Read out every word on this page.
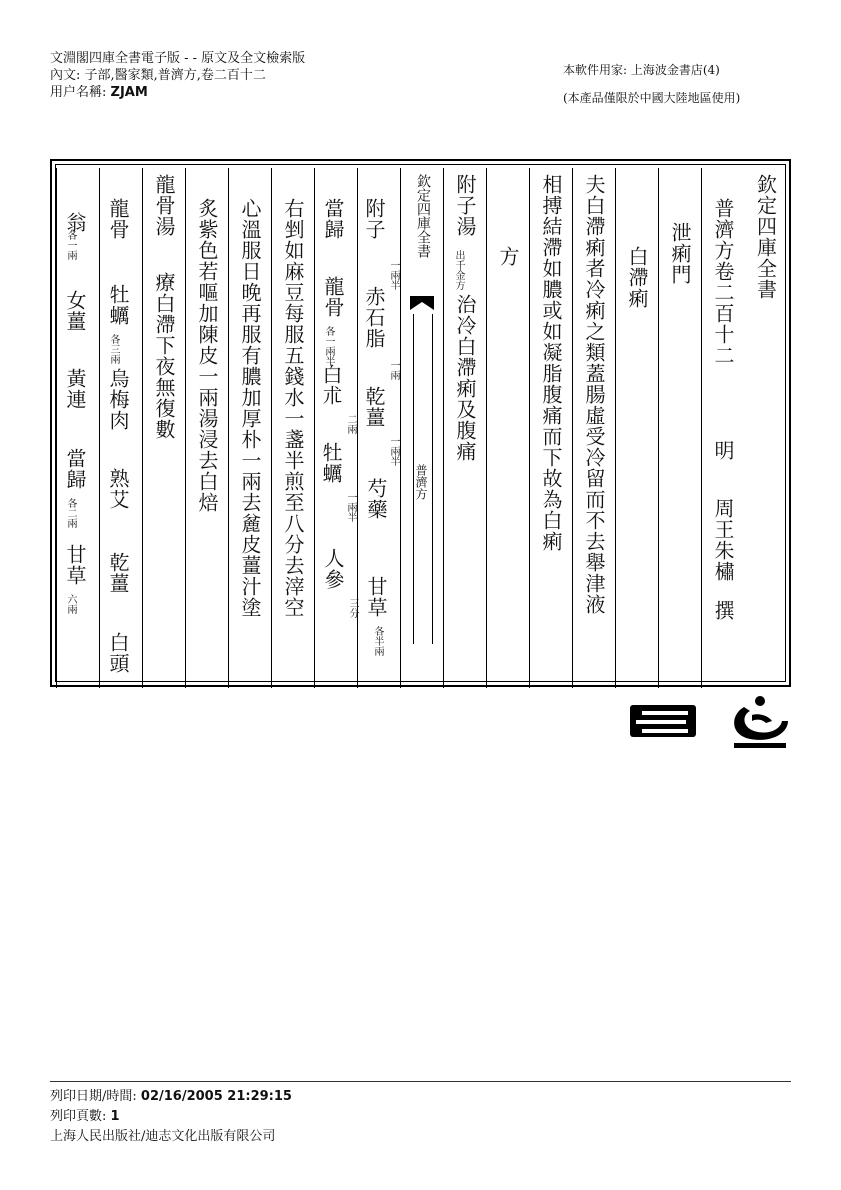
文淵閣四庫全書電子版 - - 原文及全文檢索版
內文: 子部,醫家類,普濟方,卷二百十二
用户名稱: ZJAM
本軟件用家: 上海波金書店(4)
(本產品僅限於中國大陸地區使用)
欽定四庫全書
普濟方卷二百十二
明
周王朱橚
撰
泄痢門
白滯痢
夫白滯痢者冷痢之類蓋腸虛受冷留而不去舉津液
相搏結滯如膿或如凝脂腹痛而下故為白痢
方
附子湯
出千金方
治冷白滯痢及腹痛
欽定四庫全書
普濟方
附子
一兩半
赤石脂
一兩
乾薑
一兩半
芍藥
甘草
各半兩
當歸
龍骨
各一兩半
白朮
二兩
牡蠣
一兩半
人參
三分
右剉如麻豆每服五錢水一盞半煎至八分去滓空
心溫服日晚再服有膿加厚朴一兩去麄皮薑汁塗
炙紫色若嘔加陳皮一兩湯浸去白焙
龍骨湯
療白滯下夜無復數
龍骨
牡蠣
各三兩
烏梅肉
熟艾
乾薑
白頭
翁
各一兩
女薑
黃連
當歸
各二兩
甘草
六兩
列印日期/時間: 02/16/2005 21:29:15
列印頁數: 1
上海人民出版社/迪志文化出版有限公司
